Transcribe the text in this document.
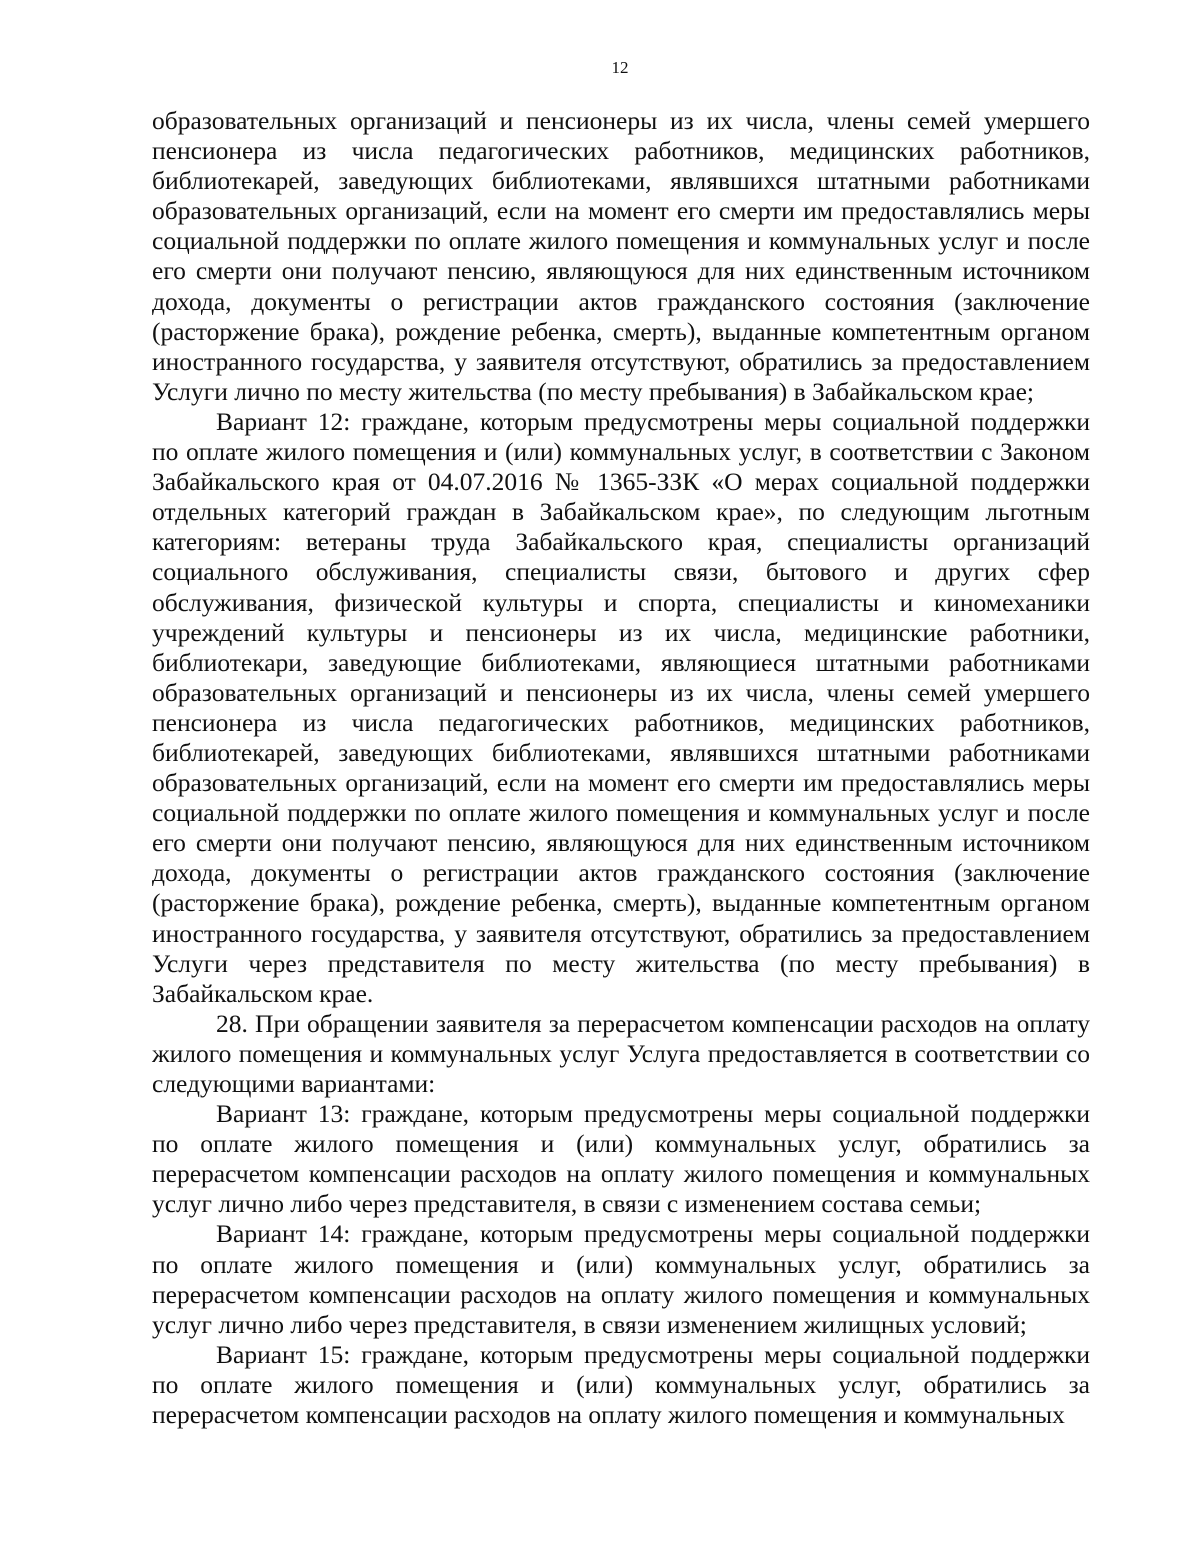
12

образовательных организаций и пенсионеры из их числа, члены семей умершего пенсионера из числа педагогических работников, медицинских работников, библиотекарей, заведующих библиотеками, являвшихся штатными работниками образовательных организаций, если на момент его смерти им предоставлялись меры социальной поддержки по оплате жилого помещения и коммунальных услуг и после его смерти они получают пенсию, являющуюся для них единственным источником дохода, документы о регистрации актов гражданского состояния (заключение (расторжение брака), рождение ребенка, смерть), выданные компетентным органом иностранного государства, у заявителя отсутствуют, обратились за предоставлением Услуги лично по месту жительства (по месту пребывания) в Забайкальском крае;

Вариант 12: граждане, которым предусмотрены меры социальной поддержки по оплате жилого помещения и (или) коммунальных услуг, в соответствии с Законом Забайкальского края от 04.07.2016 № 1365-ЗЗК «О мерах социальной поддержки отдельных категорий граждан в Забайкальском крае», по следующим льготным категориям: ветераны труда Забайкальского края, специалисты организаций социального обслуживания, специалисты связи, бытового и других сфер обслуживания, физической культуры и спорта, специалисты и киномеханики учреждений культуры и пенсионеры из их числа, медицинские работники, библиотекари, заведующие библиотеками, являющиеся штатными работниками образовательных организаций и пенсионеры из их числа, члены семей умершего пенсионера из числа педагогических работников, медицинских работников, библиотекарей, заведующих библиотеками, являвшихся штатными работниками образовательных организаций, если на момент его смерти им предоставлялись меры социальной поддержки по оплате жилого помещения и коммунальных услуг и после его смерти они получают пенсию, являющуюся для них единственным источником дохода, документы о регистрации актов гражданского состояния (заключение (расторжение брака), рождение ребенка, смерть), выданные компетентным органом иностранного государства, у заявителя отсутствуют, обратились за предоставлением Услуги через представителя по месту жительства (по месту пребывания) в Забайкальском крае.

28. При обращении заявителя за перерасчетом компенсации расходов на оплату жилого помещения и коммунальных услуг Услуга предоставляется в соответствии со следующими вариантами:

Вариант 13: граждане, которым предусмотрены меры социальной поддержки по оплате жилого помещения и (или) коммунальных услуг, обратились за перерасчетом компенсации расходов на оплату жилого помещения и коммунальных услуг лично либо через представителя, в связи с изменением состава семьи;

Вариант 14: граждане, которым предусмотрены меры социальной поддержки по оплате жилого помещения и (или) коммунальных услуг, обратились за перерасчетом компенсации расходов на оплату жилого помещения и коммунальных услуг лично либо через представителя, в связи изменением жилищных условий;

Вариант 15: граждане, которым предусмотрены меры социальной поддержки по оплате жилого помещения и (или) коммунальных услуг, обратились за перерасчетом компенсации расходов на оплату жилого помещения и коммунальных
